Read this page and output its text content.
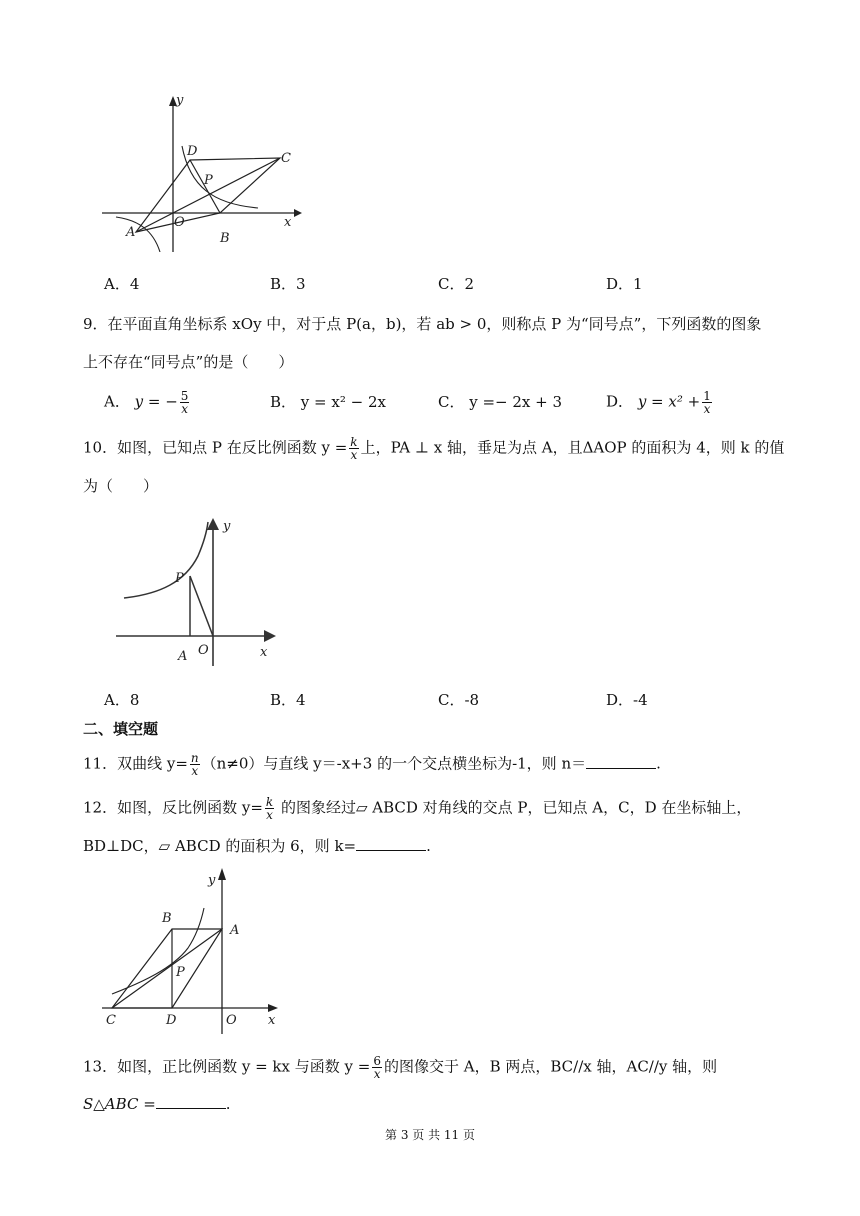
y
x
D	C
P
O
A	B
A．4	B．3	C．2	D．1
9．在平面直角坐标系 xOy 中，对于点 P(a，b)，若 ab > 0，则称点 P 为“同号点”，下列函数的图象
上不存在“同号点”的是（　　）
A． y = − $\frac{5}{x}$	B． y = x² − 2x	C． y =− 2x + 3	D． $y = x^2 + \frac{1}{x}$
10．如图，已知点 P 在反比例函数 $y = \frac{k}{x}$ 上，PA ⊥ x 轴，垂足为点 A，且ΔAOP 的面积为 4，则 k 的值
为（　　）
y
x
P
A O
A．8	B．4	C．-8	D．-4
二、填空题
11．双曲线 $y= \frac{n}{x} (n\ne 0)$与直线 y＝-x+3 的一个交点横坐标为-1，则 n＝	.
12．如图，反比例函数 $y= \frac{k}{x}$ 的图象经过▱ ABCD 对角线的交点 P，已知点 A，C，D 在坐标轴上，
BD⊥DC，▱ ABCD 的面积为 6，则 k=	.
y
x
B
A
P
C	D	O
13．如图，正比例函数 y = kx 与函数 $y = \frac{6}{x}$ 的图像交于 A，B 两点，BC//x 轴，AC//y 轴，则
S△ABC =	.
第 3 页 共 11 页
